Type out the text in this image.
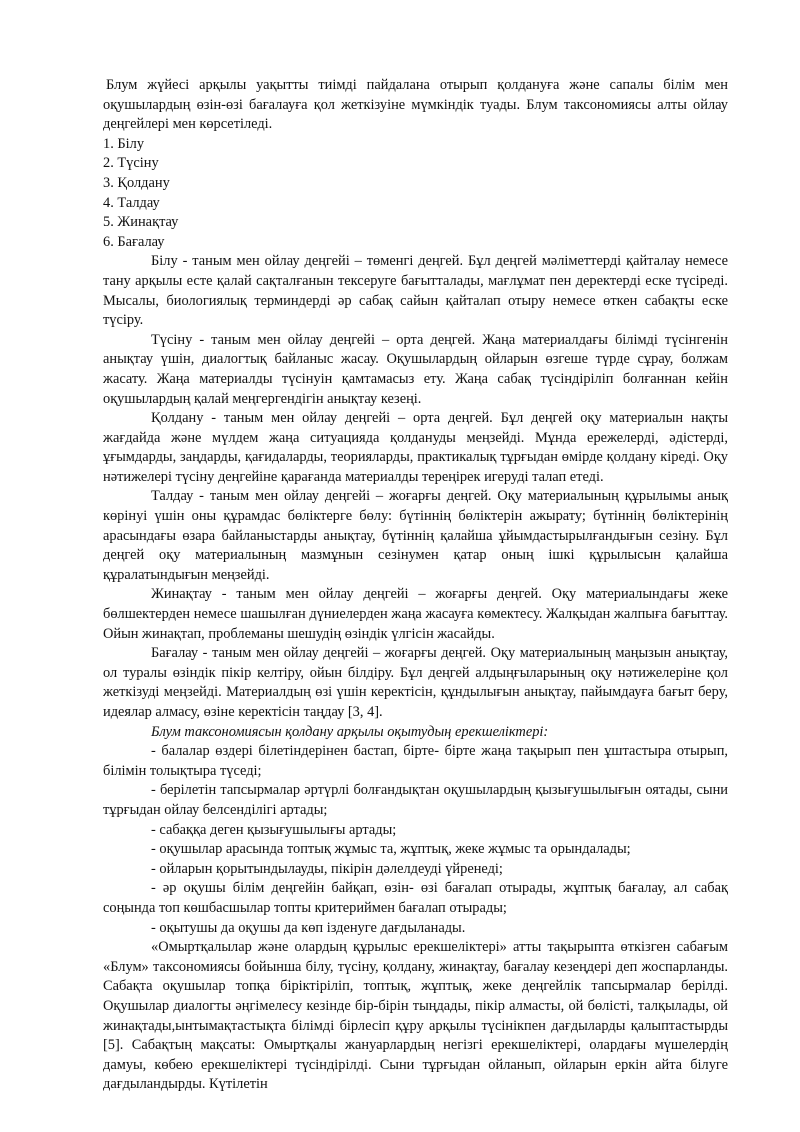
Блум жүйесі арқылы уақытты тиімді пайдалана отырып қолдануға және сапалы білім мен оқушылардың өзін-өзі бағалауға қол жеткізуіне мүмкіндік туады. Блум таксономиясы алты ойлау деңгейлері мен көрсетіледі.

1. Білу
2. Түсіну
3. Қолдану
4. Талдау
5. Жинақтау
6. Бағалау

Білу - таным мен ойлау деңгейі – төменгі деңгей. Бұл деңгей мәліметтерді қайталау немесе тану арқылы есте қалай сақталғанын тексеруге бағытталады, мағлұмат пен деректерді еске түсіреді. Мысалы, биологиялық терминдерді әр сабақ сайын қайталап отыру немесе өткен сабақты еске түсіру.

Түсіну - таным мен ойлау деңгейі – орта деңгей. Жаңа материалдағы білімді түсінгенін анықтау үшін, диалогтық байланыс жасау. Оқушылардың ойларын өзгеше түрде сұрау, болжам жасату. Жаңа материалды түсінуін қамтамасыз ету. Жаңа сабақ түсіндіріліп болғаннан кейін оқушылардың қалай меңгергендігін анықтау кезеңі.

Қолдану - таным мен ойлау деңгейі – орта деңгей. Бұл деңгей оқу материалын нақты жағдайда және мүлдем жаңа ситуацияда қолдануды меңзейді. Мұнда ережелерді, әдістерді, ұғымдарды, заңдарды, қағидаларды, теорияларды, практикалық тұрғыдан өмірде қолдану кіреді. Оқу нәтижелері түсіну деңгейіне қарағанда материалды тереңірек игеруді талап етеді.

Талдау - таным мен ойлау деңгейі – жоғарғы деңгей. Оқу материалының құрылымы анық көрінуі үшін оны құрамдас бөліктерге бөлу: бүтіннің бөліктерін ажырату; бүтіннің бөліктерінің арасындағы өзара байланыстарды анықтау, бүтіннің қалайша ұйымдастырылғандығын сезіну. Бұл деңгей оқу материалының мазмұнын сезінумен қатар оның ішкі құрылысын қалайша құралатындығын меңзейді.

Жинақтау - таным мен ойлау деңгейі – жоғарғы деңгей. Оқу материалындағы жеке бөлшектерден немесе шашылған дүниелерден жаңа жасауға көмектесу. Жалқыдан жалпыға бағыттау. Ойын жинақтап, проблеманы шешудің өзіндік үлгісін жасайды.

Бағалау - таным мен ойлау деңгейі – жоғарғы деңгей. Оқу материалының маңызын анықтау, ол туралы өзіндік пікір келтіру, ойын білдіру. Бұл деңгей алдыңғыларының оқу нәтижелеріне қол жеткізуді меңзейді. Материалдың өзі үшін керектісін, құндылығын анықтау, пайымдауға бағыт беру, идеялар алмасу, өзіне керектісін таңдау [3, 4].

Блум таксономиясын қолдану арқылы оқытудың ерекшеліктері:

- балалар өздері білетіндерінен бастап, біртe- біртe жаңа тақырып пен ұштастыра отырып, білімін толықтыра түседі;

- берілетін тапсырмалар әртүрлі болғандықтан оқушылардың қызығушылығын оятады, сыни тұрғыдан ойлау белсенділігі артады;

- сабаққа деген қызығушылығы артады;

- оқушылар арасында топтық жұмыс та, жұптық, жеке жұмыс та орындалады;

- ойларын қорытындылауды, пікірін дәлелдеуді үйренеді;

- әр оқушы білім деңгейін байқап, өзін- өзі бағалап отырады, жұптық бағалау, ал сабақ соңында топ көшбасшылар топты критериймен бағалап отырады;

- оқытушы да оқушы да көп ізденуге дағдыланады.

«Омыртқалылар және олардың құрылыс ерекшеліктері» атты тақырыпта өткізген сабағым «Блум» таксономиясы бойынша білу, түсіну, қолдану, жинақтау, бағалау кезеңдері деп жоспарланды. Сабақта оқушылар топқа біріктіріліп, топтық, жұптық, жеке деңгейлік тапсырмалар берілді. Оқушылар диалогты әңгімелесу кезінде бір-бірін тыңдады, пікір алмасты, ой бөлісті, талқылады, ой жинақтады,ынтымақтастықта білімді бірлесіп құру арқылы түсінікпен дағдыларды қалыптастырды [5]. Сабақтың мақсаты: Омыртқалы жануарлардың негізгі ерекшеліктері, олардағы мүшелердің дамуы, көбею ерекшеліктері түсіндірілді. Сыни тұрғыдан ойланып, ойларын еркін айта білуге дағдыландырды. Күтілетін
